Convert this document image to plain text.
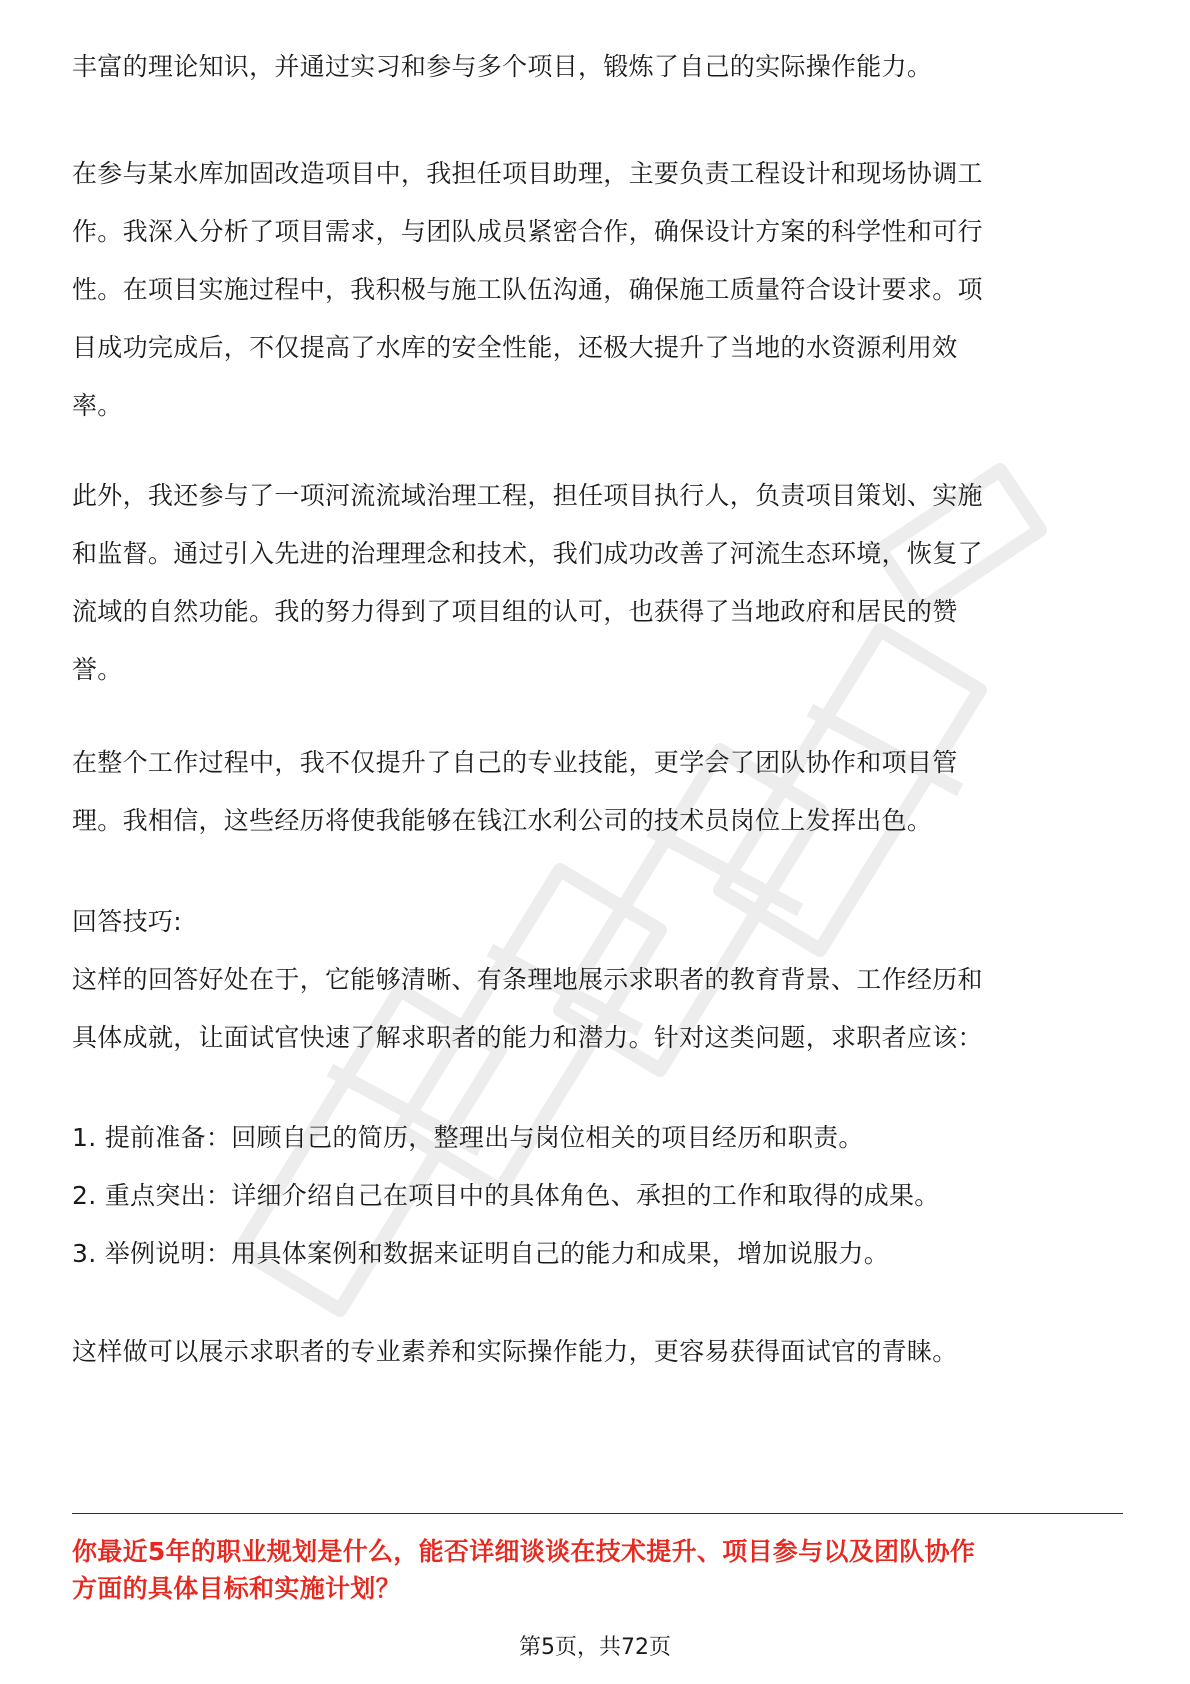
丰富的理论知识，并通过实习和参与多个项目，锻炼了自己的实际操作能力。
在参与某水库加固改造项目中，我担任项目助理，主要负责工程设计和现场协调工
作。我深入分析了项目需求，与团队成员紧密合作，确保设计方案的科学性和可行
性。在项目实施过程中，我积极与施工队伍沟通，确保施工质量符合设计要求。项
目成功完成后，不仅提高了水库的安全性能，还极大提升了当地的水资源利用效
率。
此外，我还参与了一项河流流域治理工程，担任项目执行人，负责项目策划、实施
和监督。通过引入先进的治理理念和技术，我们成功改善了河流生态环境，恢复了
流域的自然功能。我的努力得到了项目组的认可，也获得了当地政府和居民的赞
誉。
在整个工作过程中，我不仅提升了自己的专业技能，更学会了团队协作和项目管
理。我相信，这些经历将使我能够在钱江水利公司的技术员岗位上发挥出色。
回答技巧:
这样的回答好处在于，它能够清晰、有条理地展示求职者的教育背景、工作经历和
具体成就，让面试官快速了解求职者的能力和潜力。针对这类问题，求职者应该：
1. 提前准备：回顾自己的简历，整理出与岗位相关的项目经历和职责。
2. 重点突出：详细介绍自己在项目中的具体角色、承担的工作和取得的成果。
3. 举例说明：用具体案例和数据来证明自己的能力和成果，增加说服力。
这样做可以展示求职者的专业素养和实际操作能力，更容易获得面试官的青睐。
你最近5年的职业规划是什么，能否详细谈谈在技术提升、项目参与以及团队协作
方面的具体目标和实施计划？
第5页，共72页
